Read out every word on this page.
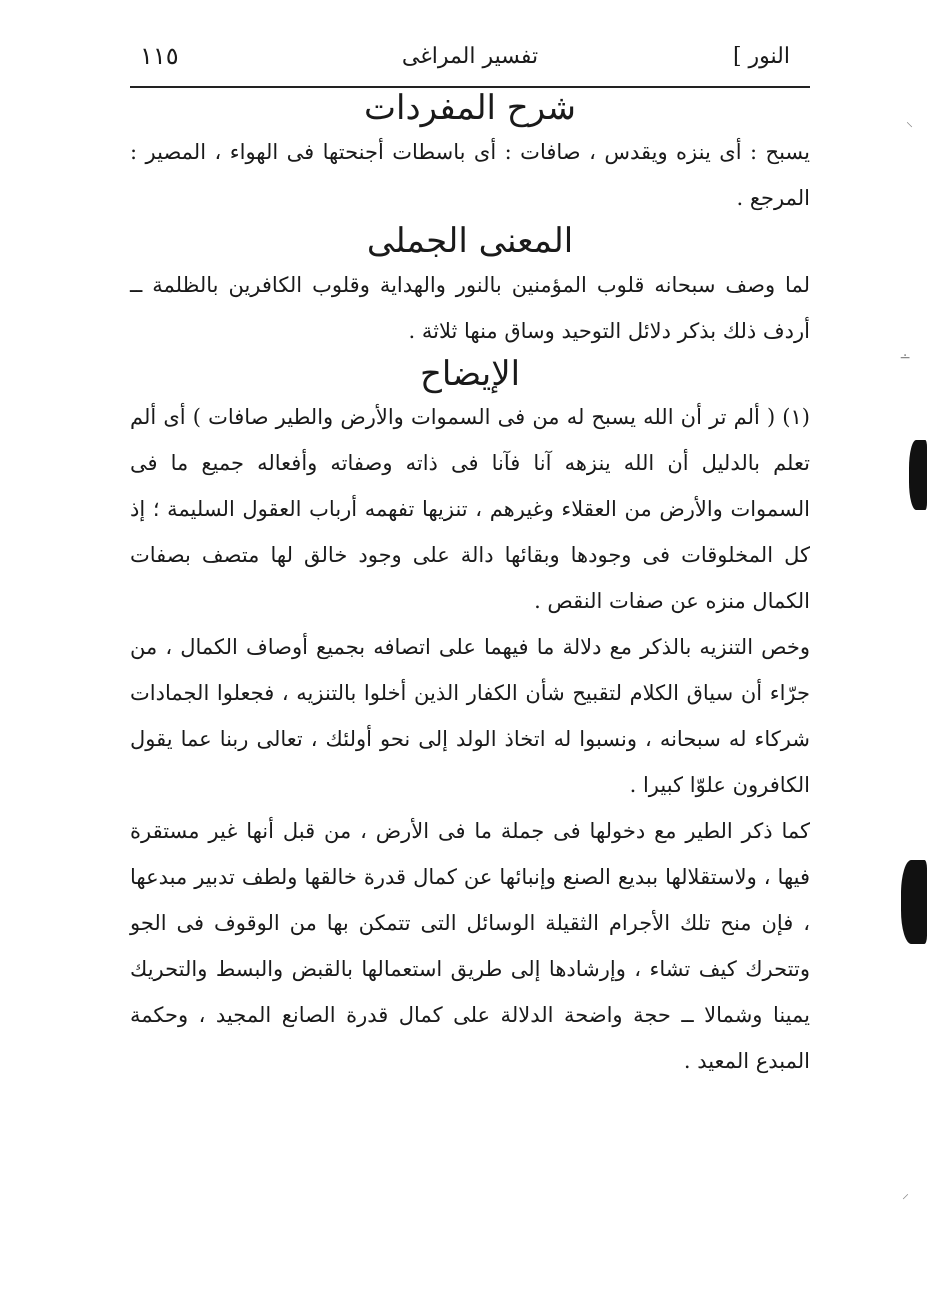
النور ]
تفسير المراغى
١١٥
شرح المفردات

يسبح : أى ينزه ويقدس ، صافات : أى باسطات أجنحتها فى الهواء ، المصير : المرجع .

المعنى الجملى

لما وصف سبحانه قلوب المؤمنين بالنور والهداية وقلوب الكافرين بالظلمة ــ أردف ذلك بذكر دلائل التوحيد وساق منها ثلاثة .

الإيضاح

(١) ( ألم تر أن الله يسبح له من فى السموات والأرض والطير صافات ) أى ألم تعلم بالدليل أن الله ينزهه آنا فآنا فى ذاته وصفاته وأفعاله جميع ما فى السموات والأرض من العقلاء وغيرهم ، تنزيها تفهمه أرباب العقول السليمة ؛ إذ كل المخلوقات فى وجودها وبقائها دالة على وجود خالق لها متصف بصفات الكمال منزه عن صفات النقص .

وخص التنزيه بالذكر مع دلالة ما فيهما على اتصافه بجميع أوصاف الكمال ، من جرّاء أن سياق الكلام لتقبيح شأن الكفار الذين أخلوا بالتنزيه ، فجعلوا الجمادات شركاء له سبحانه ، ونسبوا له اتخاذ الولد إلى نحو أولئك ، تعالى ربنا عما يقول الكافرون علوّا كبيرا .

كما ذكر الطير مع دخولها فى جملة ما فى الأرض ، من قبل أنها غير مستقرة فيها ، ولاستقلالها ببديع الصنع وإنبائها عن كمال قدرة خالقها ولطف تدبير مبدعها ، فإن منح تلك الأجرام الثقيلة الوسائل التى تتمكن بها من الوقوف فى الجو وتتحرك كيف تشاء ، وإرشادها إلى طريق استعمالها بالقبض والبسط والتحريك يمينا وشمالا ــ حجة واضحة الدلالة على كمال قدرة الصانع المجيد ، وحكمة المبدع المعيد .

⸌
∸
⸍
